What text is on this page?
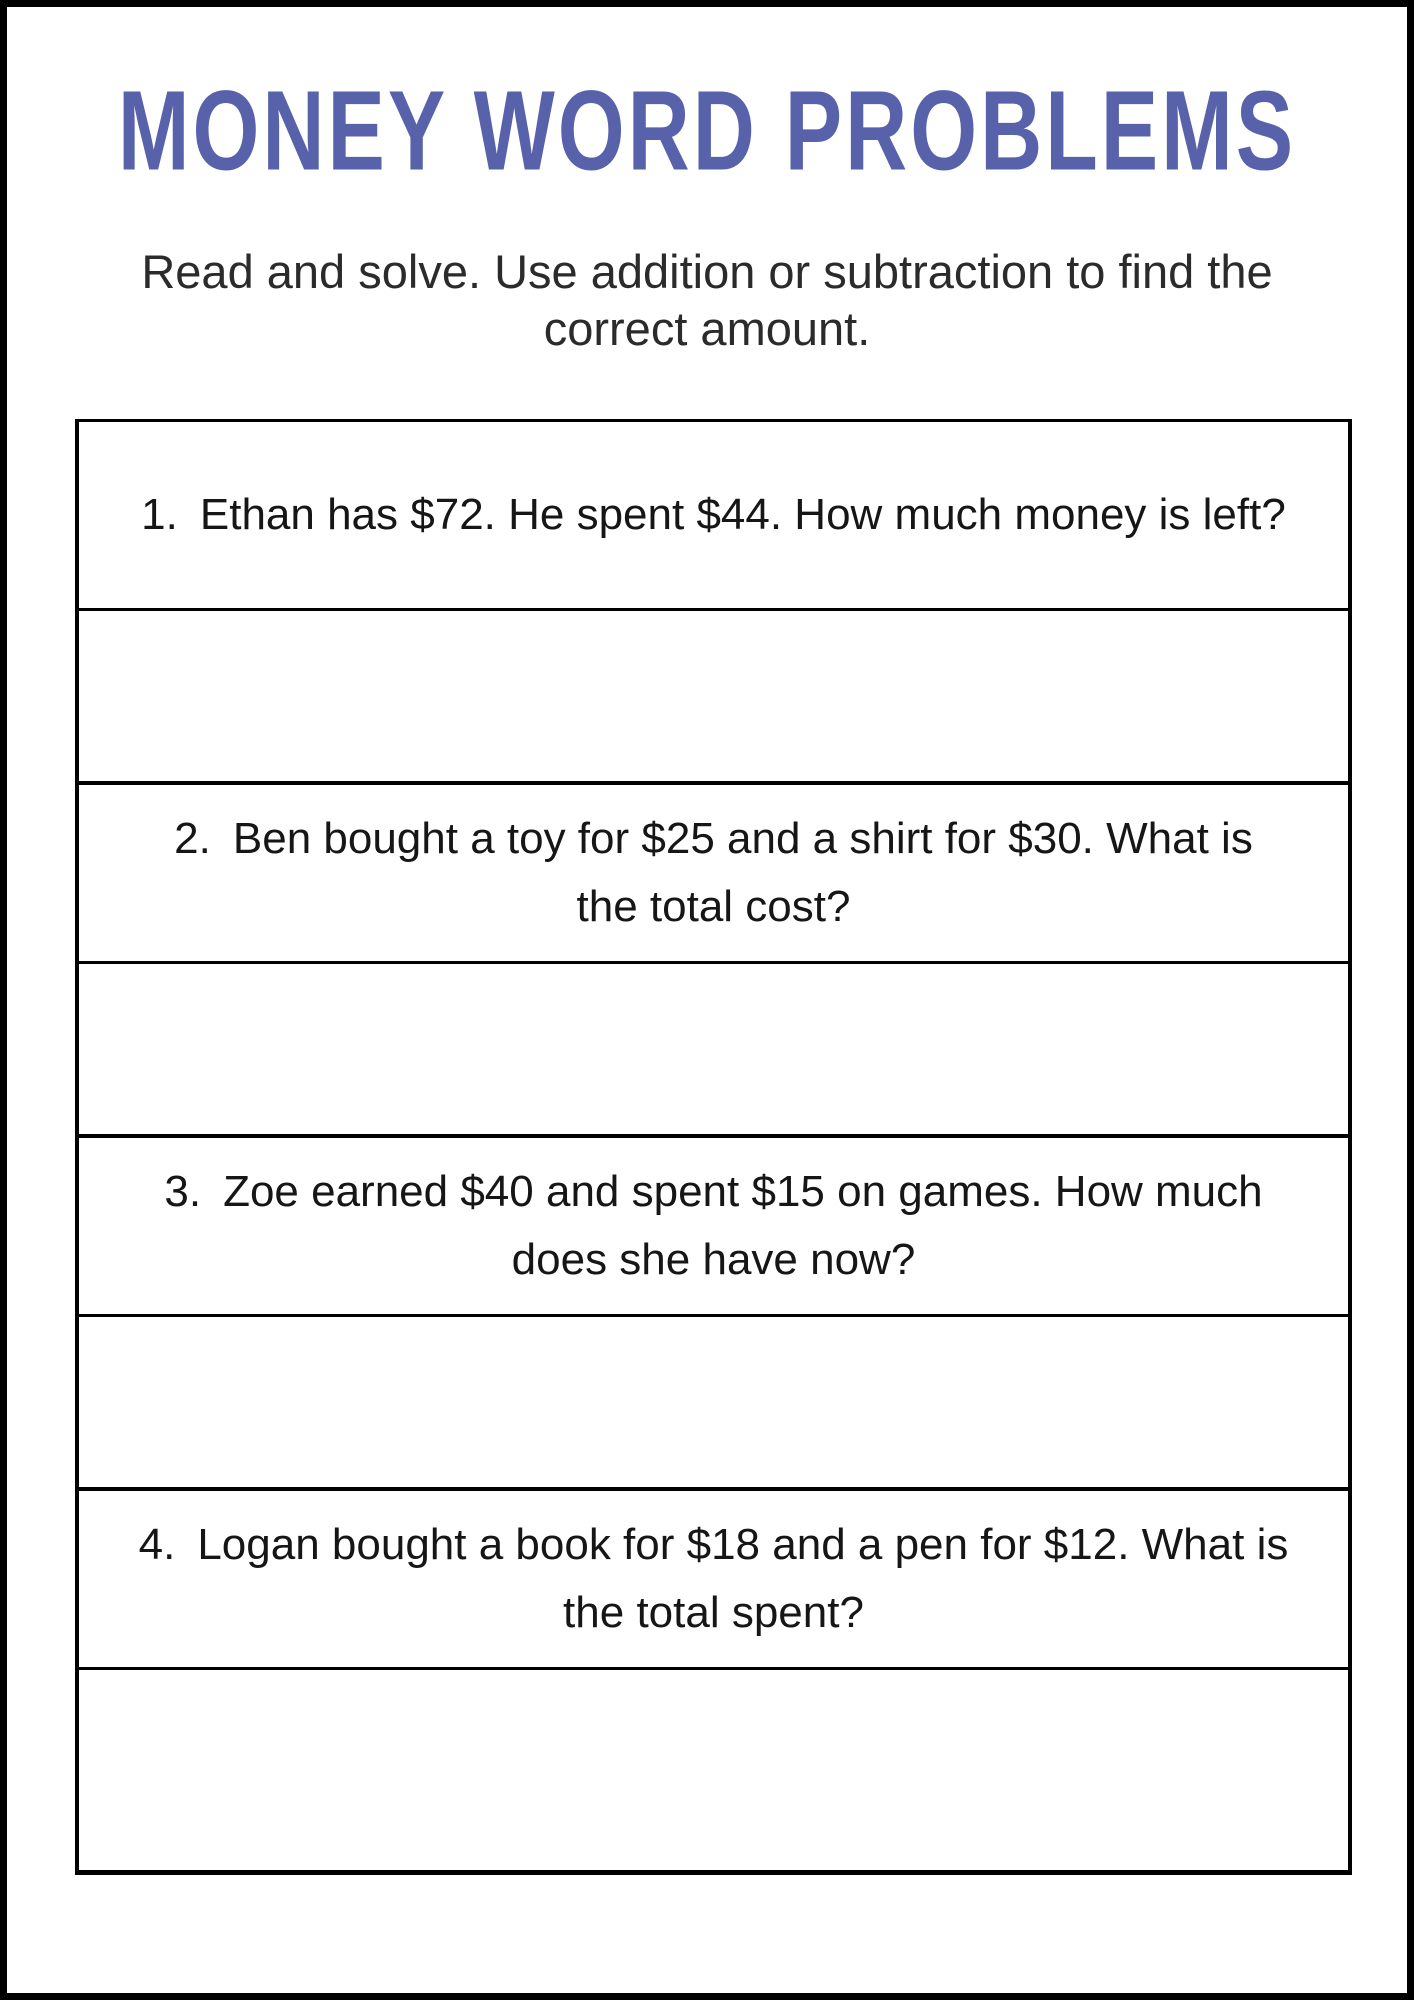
MONEY WORD PROBLEMS
Read and solve. Use addition or subtraction to find the
correct amount.
1. Ethan has $72. He spent $44. How much money is left?
2. Ben bought a toy for $25 and a shirt for $30. What is the total cost?
3. Zoe earned $40 and spent $15 on games. How much does she have now?
4. Logan bought a book for $18 and a pen for $12. What is the total spent?
